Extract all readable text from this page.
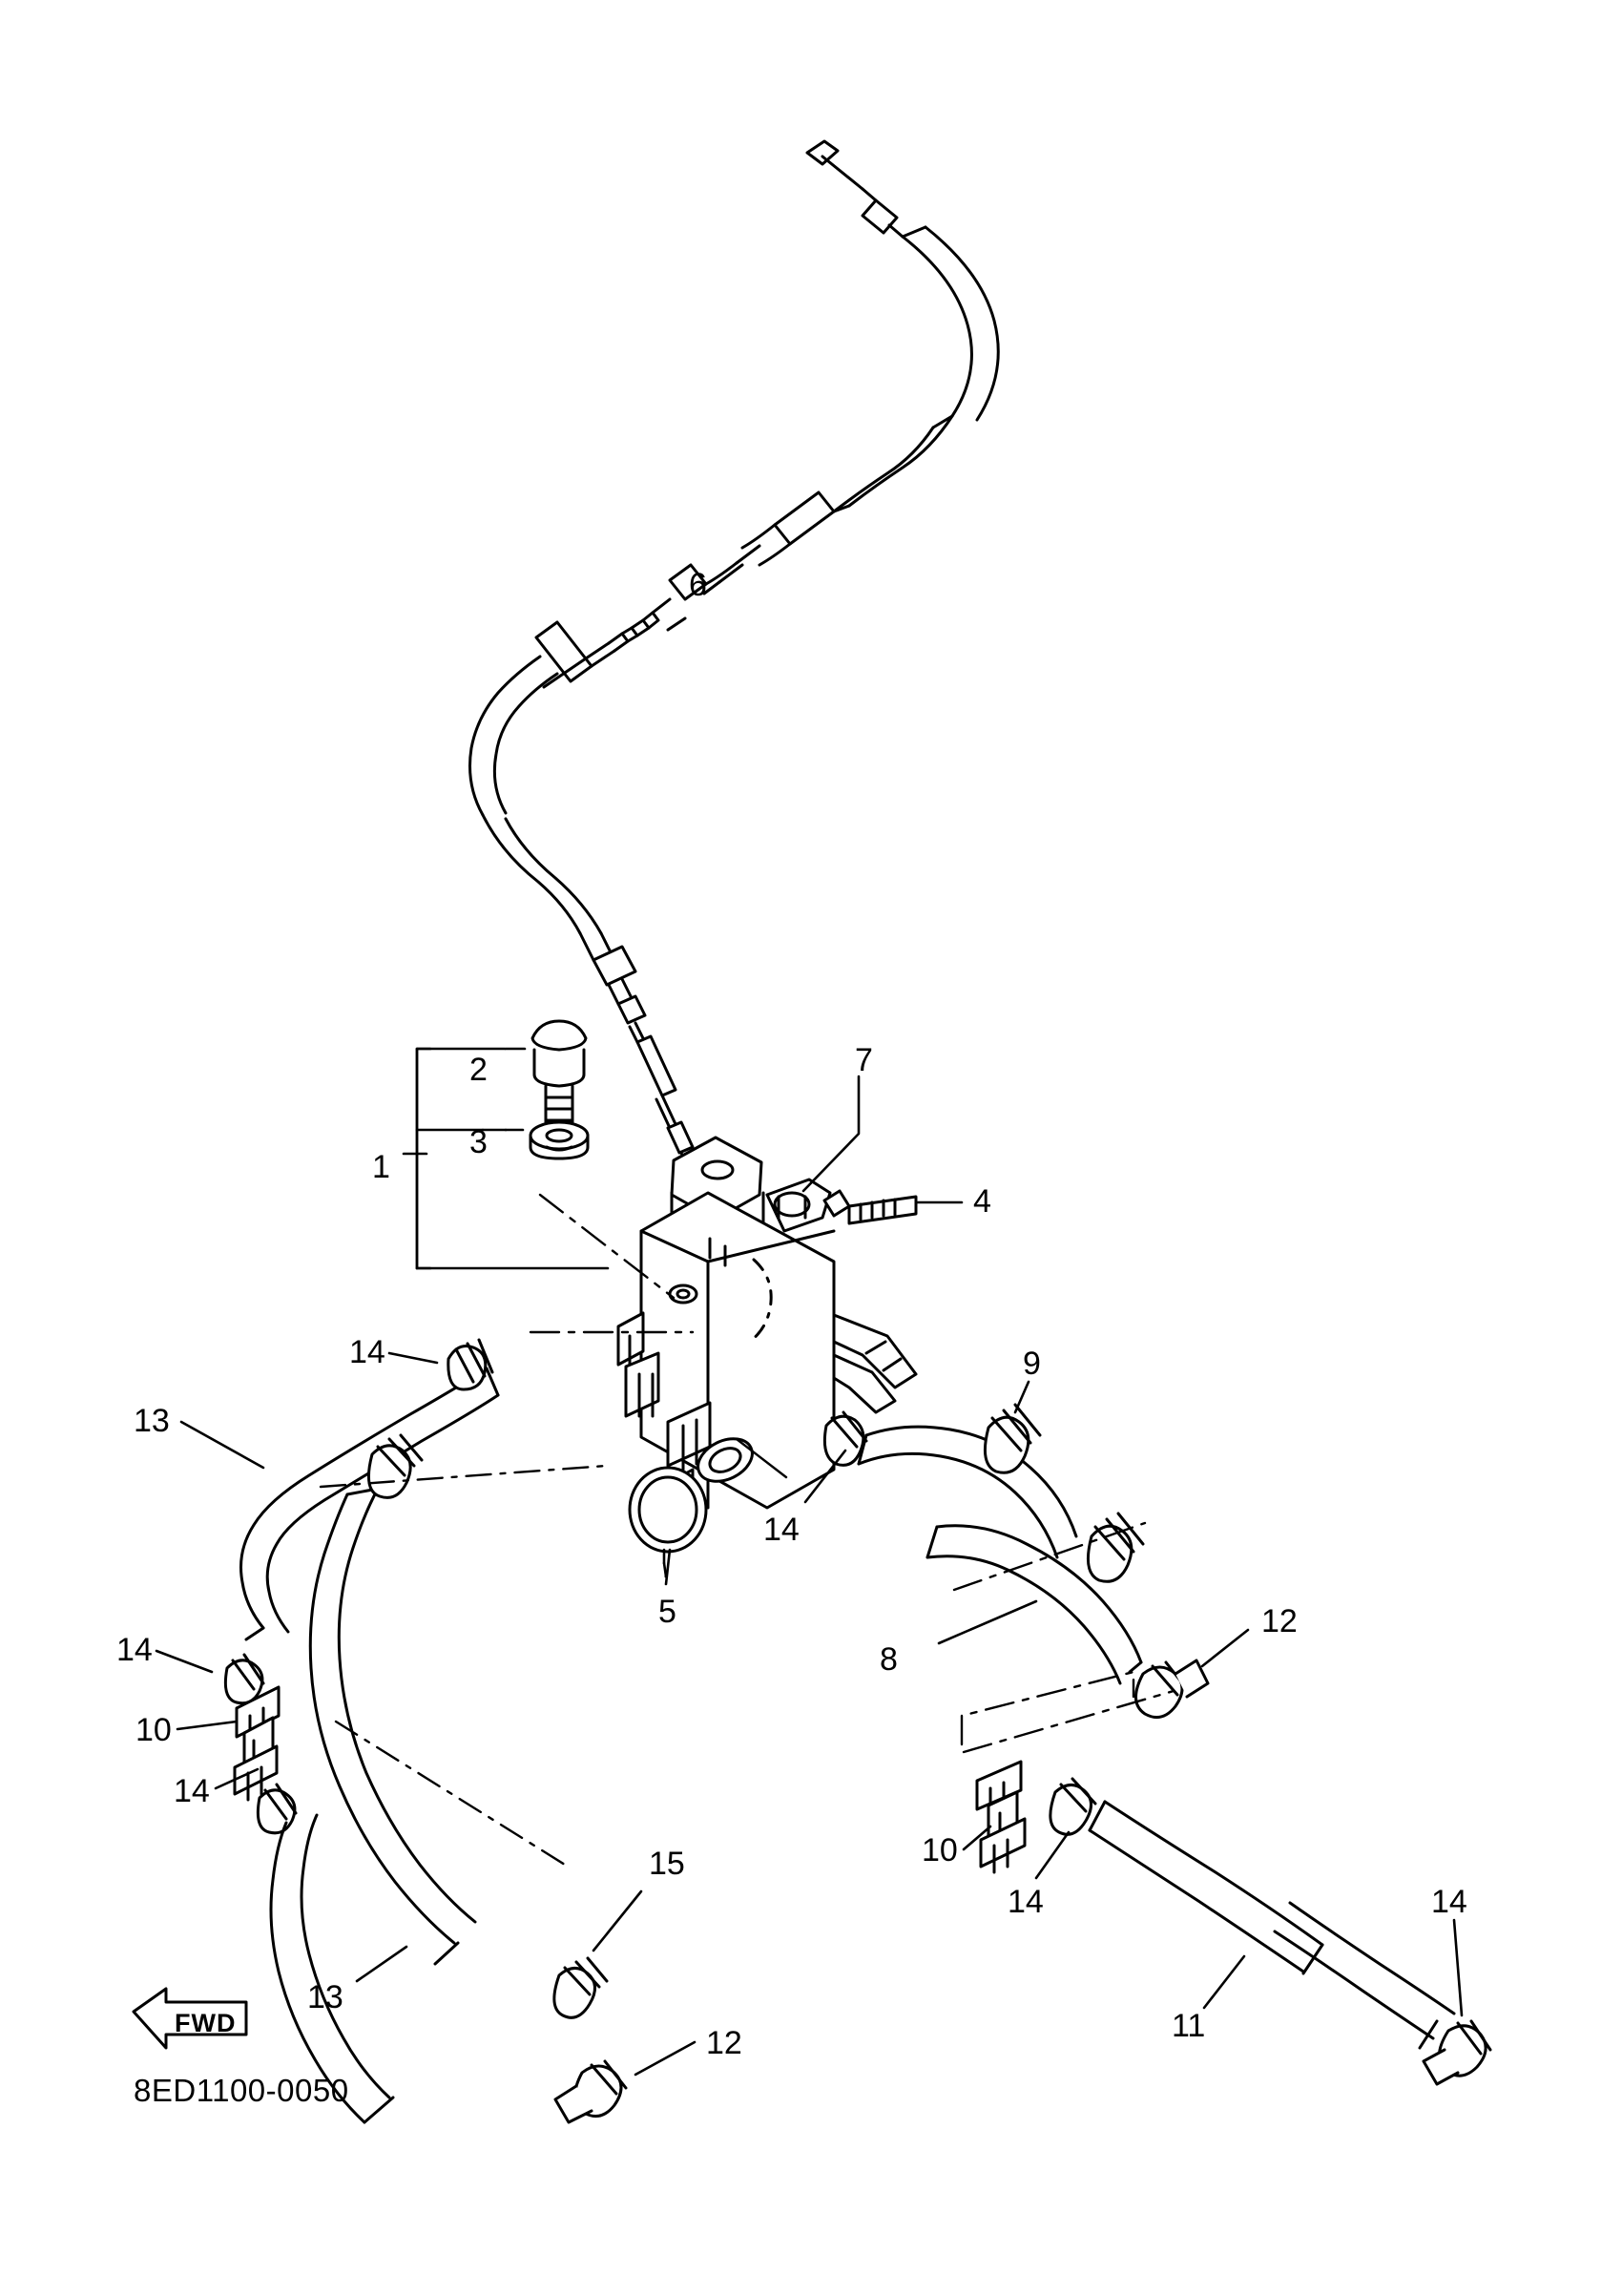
1
2
3
4
5
6
7
8
9
10
10
11
12
12
13
13
14
14
14
14
14	14
15
FWD
8ED1100-0050
